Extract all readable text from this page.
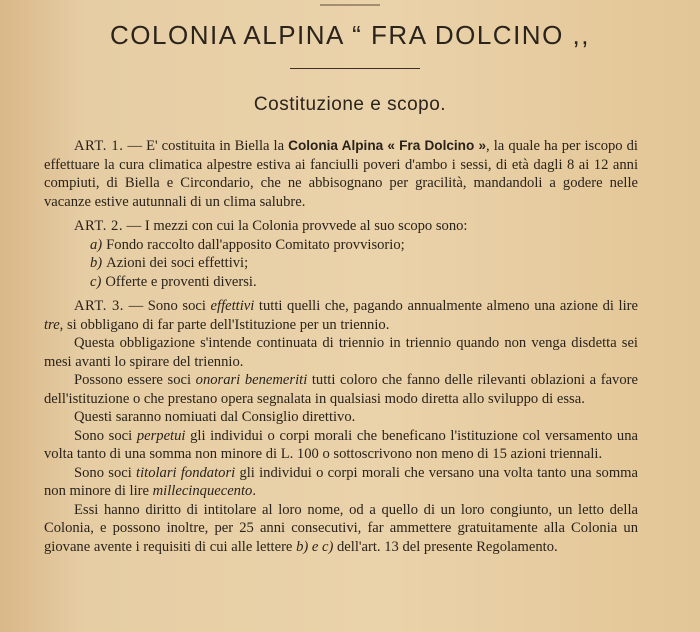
COLONIA ALPINA “ FRA DOLCINO ,,
Costituzione e scopo.

ART. 1. — E' costituita in Biella la Colonia Alpina « Fra Dolcino », la quale ha per iscopo di effettuare la cura climatica alpestre estiva ai fanciulli poveri d'ambo i sessi, di età dagli 8 ai 12 anni compiuti, di Biella e Circondario, che ne abbisognano per gracilità, mandandoli a godere nelle vacanze estive autunnali di un clima salubre.

ART. 2. — I mezzi con cui la Colonia provvede al suo scopo sono:

a) Fondo raccolto dall'apposito Comitato provvisorio;

b) Azioni dei soci effettivi;

c) Offerte e proventi diversi.

ART. 3. — Sono soci effettivi tutti quelli che, pagando annualmente almeno una azione di lire tre, si obbligano di far parte dell'Istituzione per un triennio.

Questa obbligazione s'intende continuata di triennio in triennio quando non venga disdetta sei mesi avanti lo spirare del triennio.

Possono essere soci onorari benemeriti tutti coloro che fanno delle rilevanti oblazioni a favore dell'istituzione o che prestano opera segnalata in qualsiasi modo diretta allo sviluppo di essa.

Questi saranno nomiuati dal Consiglio direttivo.

Sono soci perpetui gli individui o corpi morali che beneficano l'istituzione col versamento una volta tanto di una somma non minore di L. 100 o sottoscrivono non meno di 15 azioni triennali.

Sono soci titolari fondatori gli individui o corpi morali che versano una volta tanto una somma non minore di lire millecinquecento.

Essi hanno diritto di intitolare al loro nome, od a quello di un loro congiunto, un letto della Colonia, e possono inoltre, per 25 anni consecutivi, far ammettere gratuitamente alla Colonia un giovane avente i requisiti di cui alle lettere b) e c) dell'art. 13 del presente Regolamento.
